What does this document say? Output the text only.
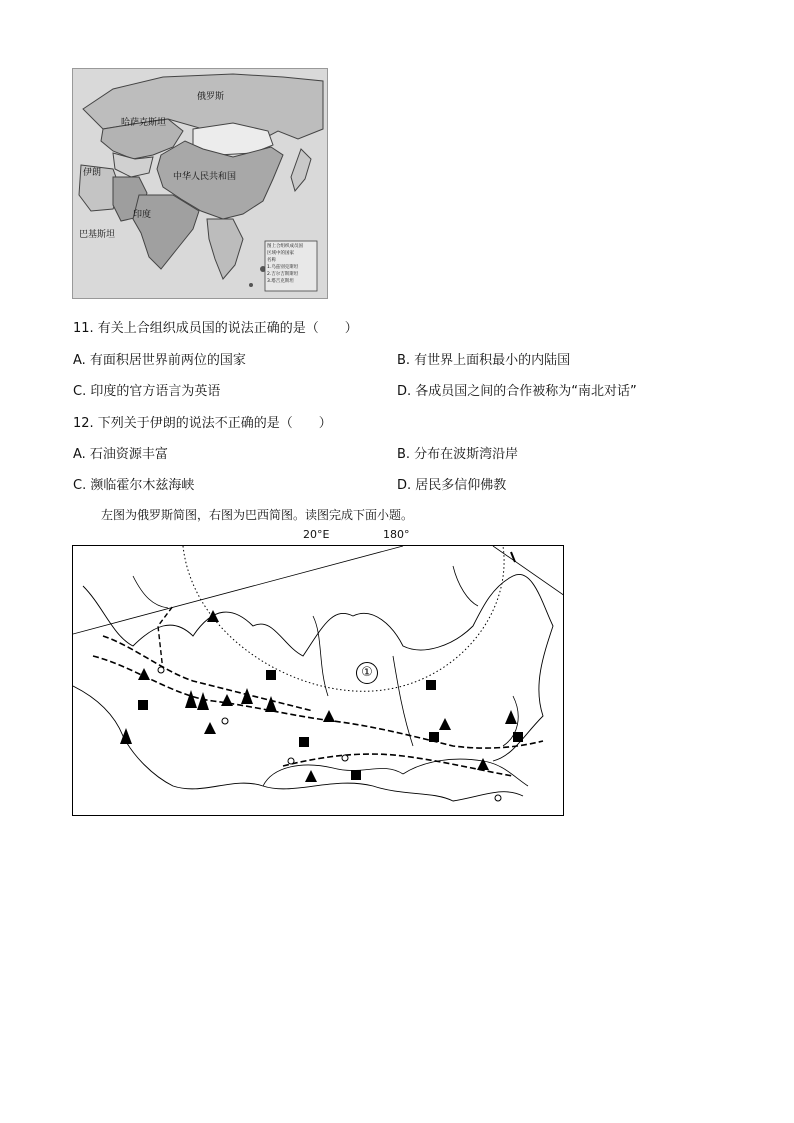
俄罗斯
哈萨克斯坦
中华人民共和国
伊朗
印度
巴基斯坦
图上合组织成员国
区域中的国家
名称
1.乌兹别克斯坦
2.吉尔吉斯斯坦
3.塔吉克斯坦
11. 有关上合组织成员国的说法正确的是（　　）
A. 有面积居世界前两位的国家	B. 有世界上面积最小的内陆国
C. 印度的官方语言为英语	D. 各成员国之间的合作被称为“南北对话”
12. 下列关于伊朗的说法不正确的是（　　）
A. 石油资源丰富	B. 分布在波斯湾沿岸
C. 濒临霍尔木兹海峡	D. 居民多信仰佛教
左图为俄罗斯简图，右图为巴西简图。读图完成下面小题。
20°E	180°
①
